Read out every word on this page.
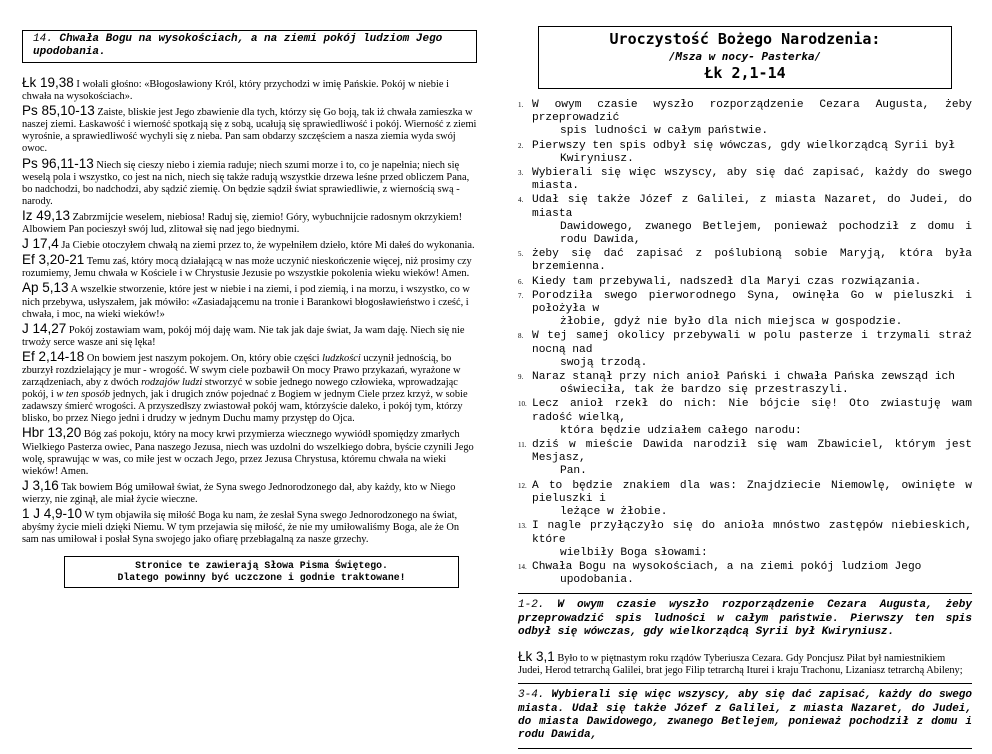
14. Chwała Bogu na wysokościach, a na ziemi pokój ludziom Jego upodobania.

Łk 19,38 I wołali głośno: «Błogosławiony Król, który przychodzi w imię Pańskie. Pokój w niebie i chwała na wysokościach».

Ps 85,10-13 Zaiste, bliskie jest Jego zbawienie dla tych, którzy się Go boją, tak iż chwała zamieszka w naszej ziemi. Łaskawość i wierność spotkają się z sobą, ucałują się sprawiedliwość i pokój. Wierność z ziemi wyrośnie, a sprawiedliwość wychyli się z nieba. Pan sam obdarzy szczęściem a nasza ziemia wyda swój owoc.

Ps 96,11-13 Niech się cieszy niebo i ziemia raduje; niech szumi morze i to, co je napełnia; niech się weselą pola i wszystko, co jest na nich, niech się także radują wszystkie drzewa leśne przed obliczem Pana, bo nadchodzi, bo nadchodzi, aby sądzić ziemię. On będzie sądził świat sprawiedliwie, z wiernością swą - narody.

Iz 49,13 Zabrzmijcie weselem, niebiosa! Raduj się, ziemio! Góry, wybuchnijcie radosnym okrzykiem! Albowiem Pan pocieszył swój lud, zlitował się nad jego biednymi.

J 17,4 Ja Ciebie otoczyłem chwałą na ziemi przez to, że wypełniłem dzieło, które Mi dałeś do wykonania.

Ef 3,20-21 Temu zaś, który mocą działającą w nas może uczynić nieskończenie więcej, niż prosimy czy rozumiemy, Jemu chwała w Kościele i w Chrystusie Jezusie po wszystkie pokolenia wieku wieków! Amen.

Ap 5,13 A wszelkie stworzenie, które jest w niebie i na ziemi, i pod ziemią, i na morzu, i wszystko, co w nich przebywa, usłyszałem, jak mówiło: «Zasiadającemu na tronie i Barankowi błogosławieństwo i cześć, i chwała, i moc, na wieki wieków!»

J 14,27 Pokój zostawiam wam, pokój mój daję wam. Nie tak jak daje świat, Ja wam daję. Niech się nie trwoży serce wasze ani się lęka!

Ef 2,14-18 On bowiem jest naszym pokojem. On, który obie części ludzkości uczynił jednością, bo zburzył rozdzielający je mur - wrogość. W swym ciele pozbawił On mocy Prawo przykazań, wyrażone w zarządzeniach, aby z dwóch rodzajów ludzi stworzyć w sobie jednego nowego człowieka, wprowadzając pokój, i w ten sposób jednych, jak i drugich znów pojednać z Bogiem w jednym Ciele przez krzyż, w sobie zadawszy śmierć wrogości. A przyszedłszy zwiastował pokój wam, którzyście daleko, i pokój tym, którzy blisko, bo przez Niego jedni i drudzy w jednym Duchu mamy przystęp do Ojca.

Hbr 13,20 Bóg zaś pokoju, który na mocy krwi przymierza wiecznego wywiódł spomiędzy zmarłych Wielkiego Pasterza owiec, Pana naszego Jezusa, niech was uzdolni do wszelkiego dobra, byście czynili Jego wolę, sprawując w was, co miłe jest w oczach Jego, przez Jezusa Chrystusa, któremu chwała na wieki wieków! Amen.

J 3,16 Tak bowiem Bóg umiłował świat, że Syna swego Jednorodzonego dał, aby każdy, kto w Niego wierzy, nie zginął, ale miał życie wieczne.

1 J 4,9-10 W tym objawiła się miłość Boga ku nam, że zesłał Syna swego Jednorodzonego na świat, abyśmy życie mieli dzięki Niemu. W tym przejawia się miłość, że nie my umiłowaliśmy Boga, ale że On sam nas umiłował i posłał Syna swojego jako ofiarę przebłagalną za nasze grzechy.

Stronice te zawierają Słowa Pisma Świętego.
Dlatego powinny być uczczone i godnie traktowane!
Uroczystość Bożego Narodzenia:
/Msza w nocy- Pasterka/
Łk 2,1-14
1. W owym czasie wyszło rozporządzenie Cezara Augusta, żeby przeprowadzić
spis ludności w całym państwie.
2. Pierwszy ten spis odbył się wówczas, gdy wielkorządcą Syrii był
Kwiryniusz.
3. Wybierali się więc wszyscy, aby się dać zapisać, każdy do swego miasta.
4. Udał się także Józef z Galilei, z miasta Nazaret, do Judei, do miasta
Dawidowego, zwanego Betlejem, ponieważ pochodził z domu i rodu Dawida,
5. żeby się dać zapisać z poślubioną sobie Maryją, która była brzemienna.
6. Kiedy tam przebywali, nadszedł dla Maryi czas rozwiązania.
7. Porodziła swego pierworodnego Syna, owinęła Go w pieluszki i położyła w
żłobie, gdyż nie było dla nich miejsca w gospodzie.
8. W tej samej okolicy przebywali w polu pasterze i trzymali straż nocną nad
swoją trzodą.
9. Naraz stanął przy nich anioł Pański i chwała Pańska zewsząd ich
oświeciła, tak że bardzo się przestraszyli.
10. Lecz anioł rzekł do nich: Nie bójcie się! Oto zwiastuję wam radość wielką,
która będzie udziałem całego narodu:
11. dziś w mieście Dawida narodził się wam Zbawiciel, którym jest Mesjasz,
Pan.
12. A to będzie znakiem dla was: Znajdziecie Niemowlę, owinięte w pieluszki i
leżące w żłobie.
13. I nagle przyłączyło się do anioła mnóstwo zastępów niebieskich, które
wielbiły Boga słowami:
14. Chwała Bogu na wysokościach, a na ziemi pokój ludziom Jego
upodobania.
1-2. W owym czasie wyszło rozporządzenie Cezara Augusta, żeby przeprowadzić spis ludności w całym państwie. Pierwszy ten spis odbył się wówczas, gdy wielkorządcą Syrii był Kwiryniusz.

Łk 3,1 Było to w piętnastym roku rządów Tyberiusza Cezara. Gdy Poncjusz Piłat był namiestnikiem Judei, Herod tetrarchą Galilei, brat jego Filip tetrarchą Iturei i kraju Trachonu, Lizaniasz tetrarchą Abileny;

3-4. Wybierali się więc wszyscy, aby się dać zapisać, każdy do swego miasta. Udał się także Józef z Galilei, z miasta Nazaret, do Judei, do miasta Dawidowego, zwanego Betlejem, ponieważ pochodził z domu i rodu Dawida,
